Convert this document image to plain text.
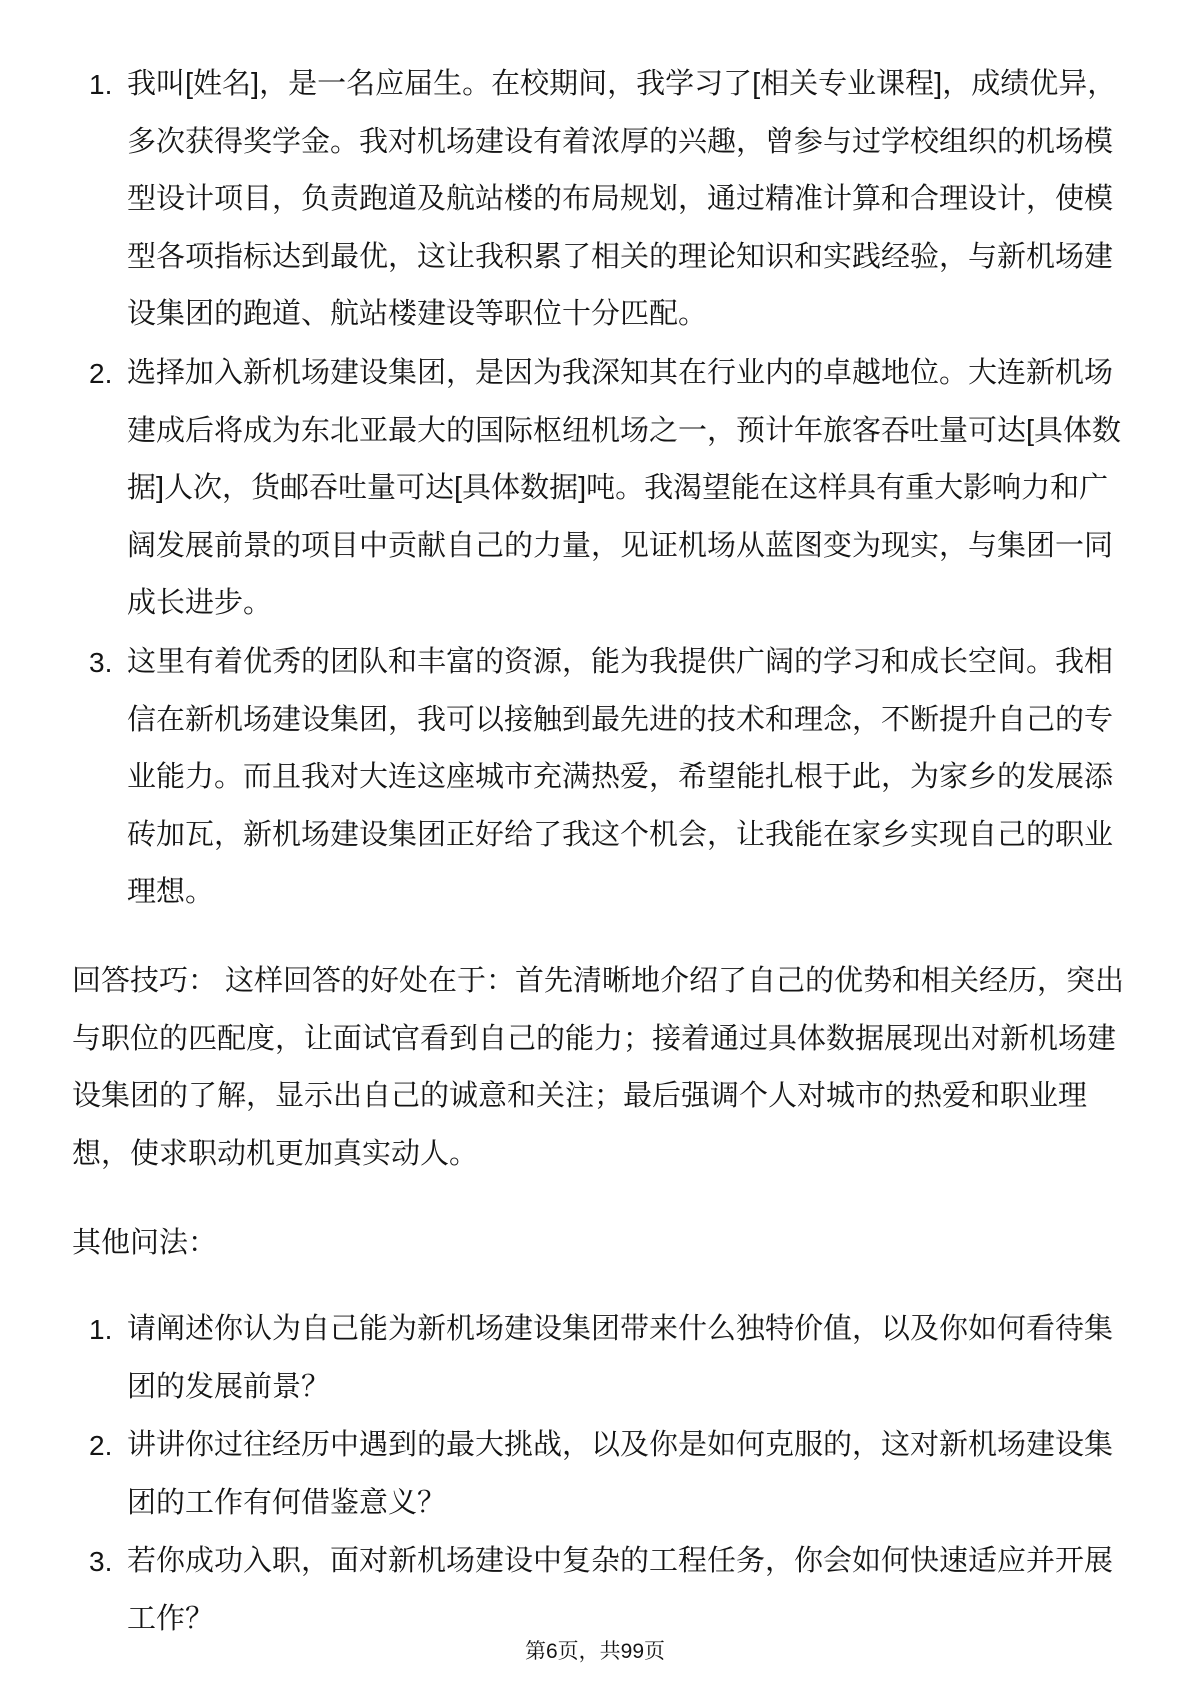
1. 我叫[姓名]，是一名应届生。在校期间，我学习了[相关专业课程]，成绩优异，
多次获得奖学金。我对机场建设有着浓厚的兴趣，曾参与过学校组织的机场模
型设计项目，负责跑道及航站楼的布局规划，通过精准计算和合理设计，使模
型各项指标达到最优，这让我积累了相关的理论知识和实践经验，与新机场建
设集团的跑道、航站楼建设等职位十分匹配。
2. 选择加入新机场建设集团，是因为我深知其在行业内的卓越地位。大连新机场
建成后将成为东北亚最大的国际枢纽机场之一，预计年旅客吞吐量可达[具体数
据]人次，货邮吞吐量可达[具体数据]吨。我渴望能在这样具有重大影响力和广
阔发展前景的项目中贡献自己的力量，见证机场从蓝图变为现实，与集团一同
成长进步。
3. 这里有着优秀的团队和丰富的资源，能为我提供广阔的学习和成长空间。我相
信在新机场建设集团，我可以接触到最先进的技术和理念，不断提升自己的专
业能力。而且我对大连这座城市充满热爱，希望能扎根于此，为家乡的发展添
砖加瓦，新机场建设集团正好给了我这个机会，让我能在家乡实现自己的职业
理想。
回答技巧： 这样回答的好处在于：首先清晰地介绍了自己的优势和相关经历，突出
与职位的匹配度，让面试官看到自己的能力；接着通过具体数据展现出对新机场建
设集团的了解，显示出自己的诚意和关注；最后强调个人对城市的热爱和职业理
想，使求职动机更加真实动人。
其他问法：
1. 请阐述你认为自己能为新机场建设集团带来什么独特价值，以及你如何看待集
团的发展前景？
2. 讲讲你过往经历中遇到的最大挑战，以及你是如何克服的，这对新机场建设集
团的工作有何借鉴意义？
3. 若你成功入职，面对新机场建设中复杂的工程任务，你会如何快速适应并开展
工作？
第6页，共99页
